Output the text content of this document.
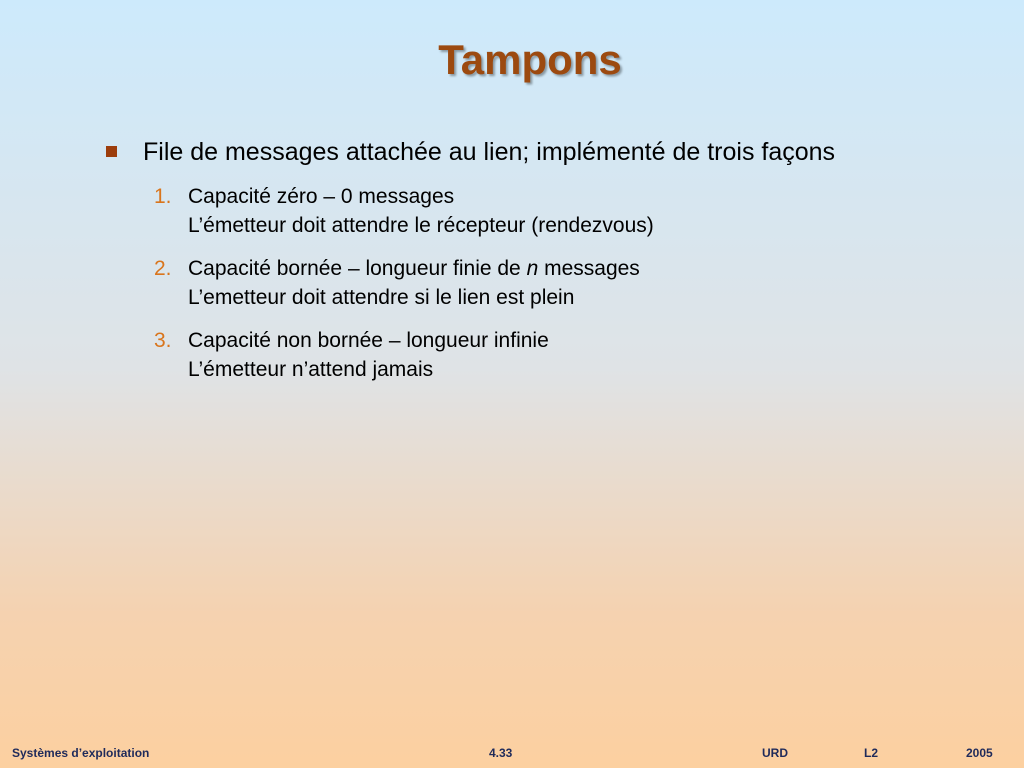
Tampons
File de messages attachée au lien; implémenté de trois façons
1. Capacité zéro – 0 messages
L’émetteur doit attendre le récepteur (rendezvous)
2. Capacité bornée – longueur finie de n messages
L’emetteur doit attendre si le lien est plein
3. Capacité non bornée – longueur infinie
L’émetteur n’attend jamais
Systèmes d’exploitation	4.33	URD	L2	2005
